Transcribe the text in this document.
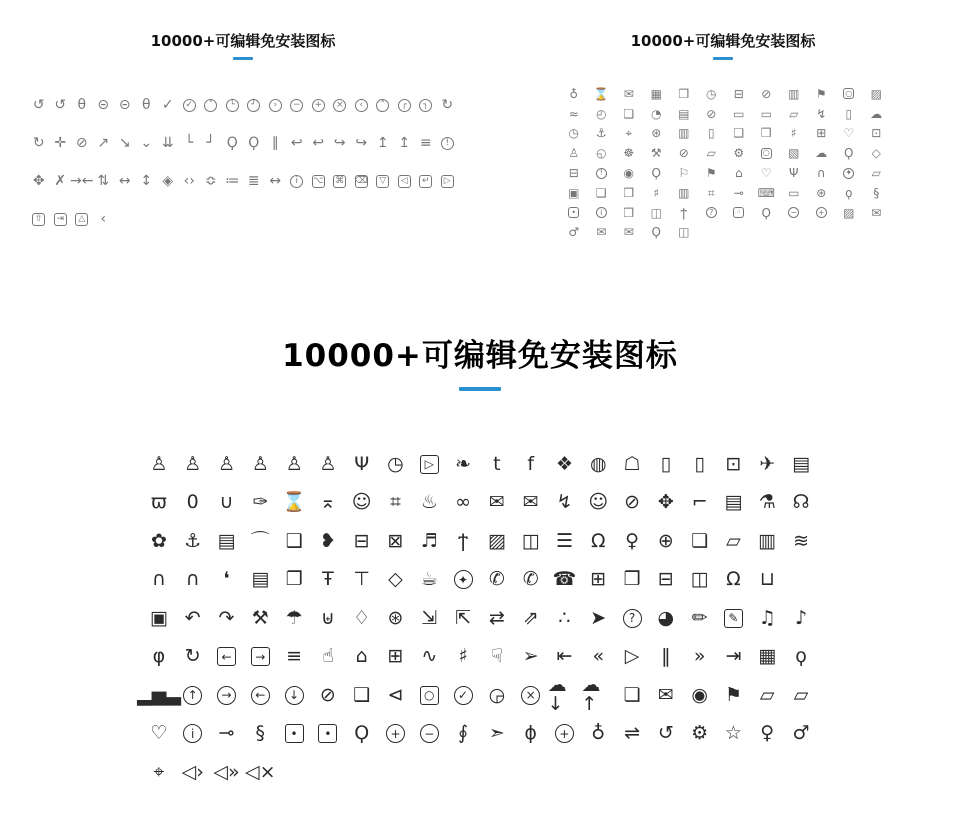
10000+可编辑免安装图标
↺ ↺ θ ⊝ ⊝ θ ✓	✓	˅	└	┘	›	−	+	×	‹	˄	┌	┐ ↻
↻ ✛ ⊘ ↗ ↘ ⌄ ⇊ └ ┘ Ϙ Ϙ ∥ ↩ ↩ ↪ ↪ ↥ ↥ ≡	!
✥ ✗ →← ⇅ ↔ ↕ ◈ ‹› ≎ ≔ ≣ ↔	i	⌥ ⌘ ⌫	▽	◁	↵	▷
⇧	⇥	△	‹
10000+可编辑免安装图标
♁	⌛	✉	▦	❐	◷	⊟	⊘	▥	⚑	○	▨
≈	◴	❏	◔	▤	⊘	▭	▭	▱	↯	▯	☁
◷	⚓	⌖	⊛	▥	▯	❑	❒	♯	⊞	♡	⊡
♙	◵	☸	⚒	⊘	▱	⚙	○	▧	☁	Ϙ	◇
⊟	!	◉	Ϙ	⚐	⚑	⌂	♡	Ψ	∩	✦	▱
▣	❑	❒	♯	▥	⌗	⊸	⌨	▭	⊛	ϙ	§
•	i	❒	◫	ϯ	?	◦	Ϙ	−	+	▨	✉
♂	✉	✉	Ϙ	◫
10000+可编辑免安装图标
♙ ♙ ♙ ♙ ♙ ♙ Ψ ◷	▷	❧	t	f	❖ ◍ ☖	▯	▯	⊡ ✈ ▤
ϖ	0	∪ ✑ ⌛ ⌅ ☺ ⌗	♨ ∞ ✉ ✉ ↯ ☺ ⊘ ✥ ⌐ ▤ ⚗ ☊
✿ ⚓ ▤ ⌒ ❑ ❥ ⊟ ⊠ ♬	ϯ	▨ ◫ ☰ Ω	♀ ⊕ ❏ ▱ ▥ ≋
∩	∩	❛	▤ ❐	Ŧ	⊤ ◇ ☕	✦	✆ ✆ ☎ ⊞ ❒ ⊟ ◫ Ω	⊔
▣ ↶ ↷ ⚒ ☂ ⊎ ♢ ⊛ ⇲ ⇱ ⇄ ⇗	∴	➤	?	◕ ✏	✎	♫	♪
φ	↻	←	→	≡	☝	⌂	⊞ ∿	♯	☟	➢ ⇤	«	▷	‖	»	⇥ ▦	ϙ
▂▅▃ ↑	→	←	↓	⊘ ❑ ⊲	○	✓	◶	× ☁↓
☁↑	❏ ✉ ◉ ⚑ ▱	▱
♡	i	⊸	§	•	•	Ϙ	+	−	∮	➣	ϕ	+	♁ ⇌ ↺ ⚙ ☆ ♀ ♂
⌖ ◁› ◁» ◁×
